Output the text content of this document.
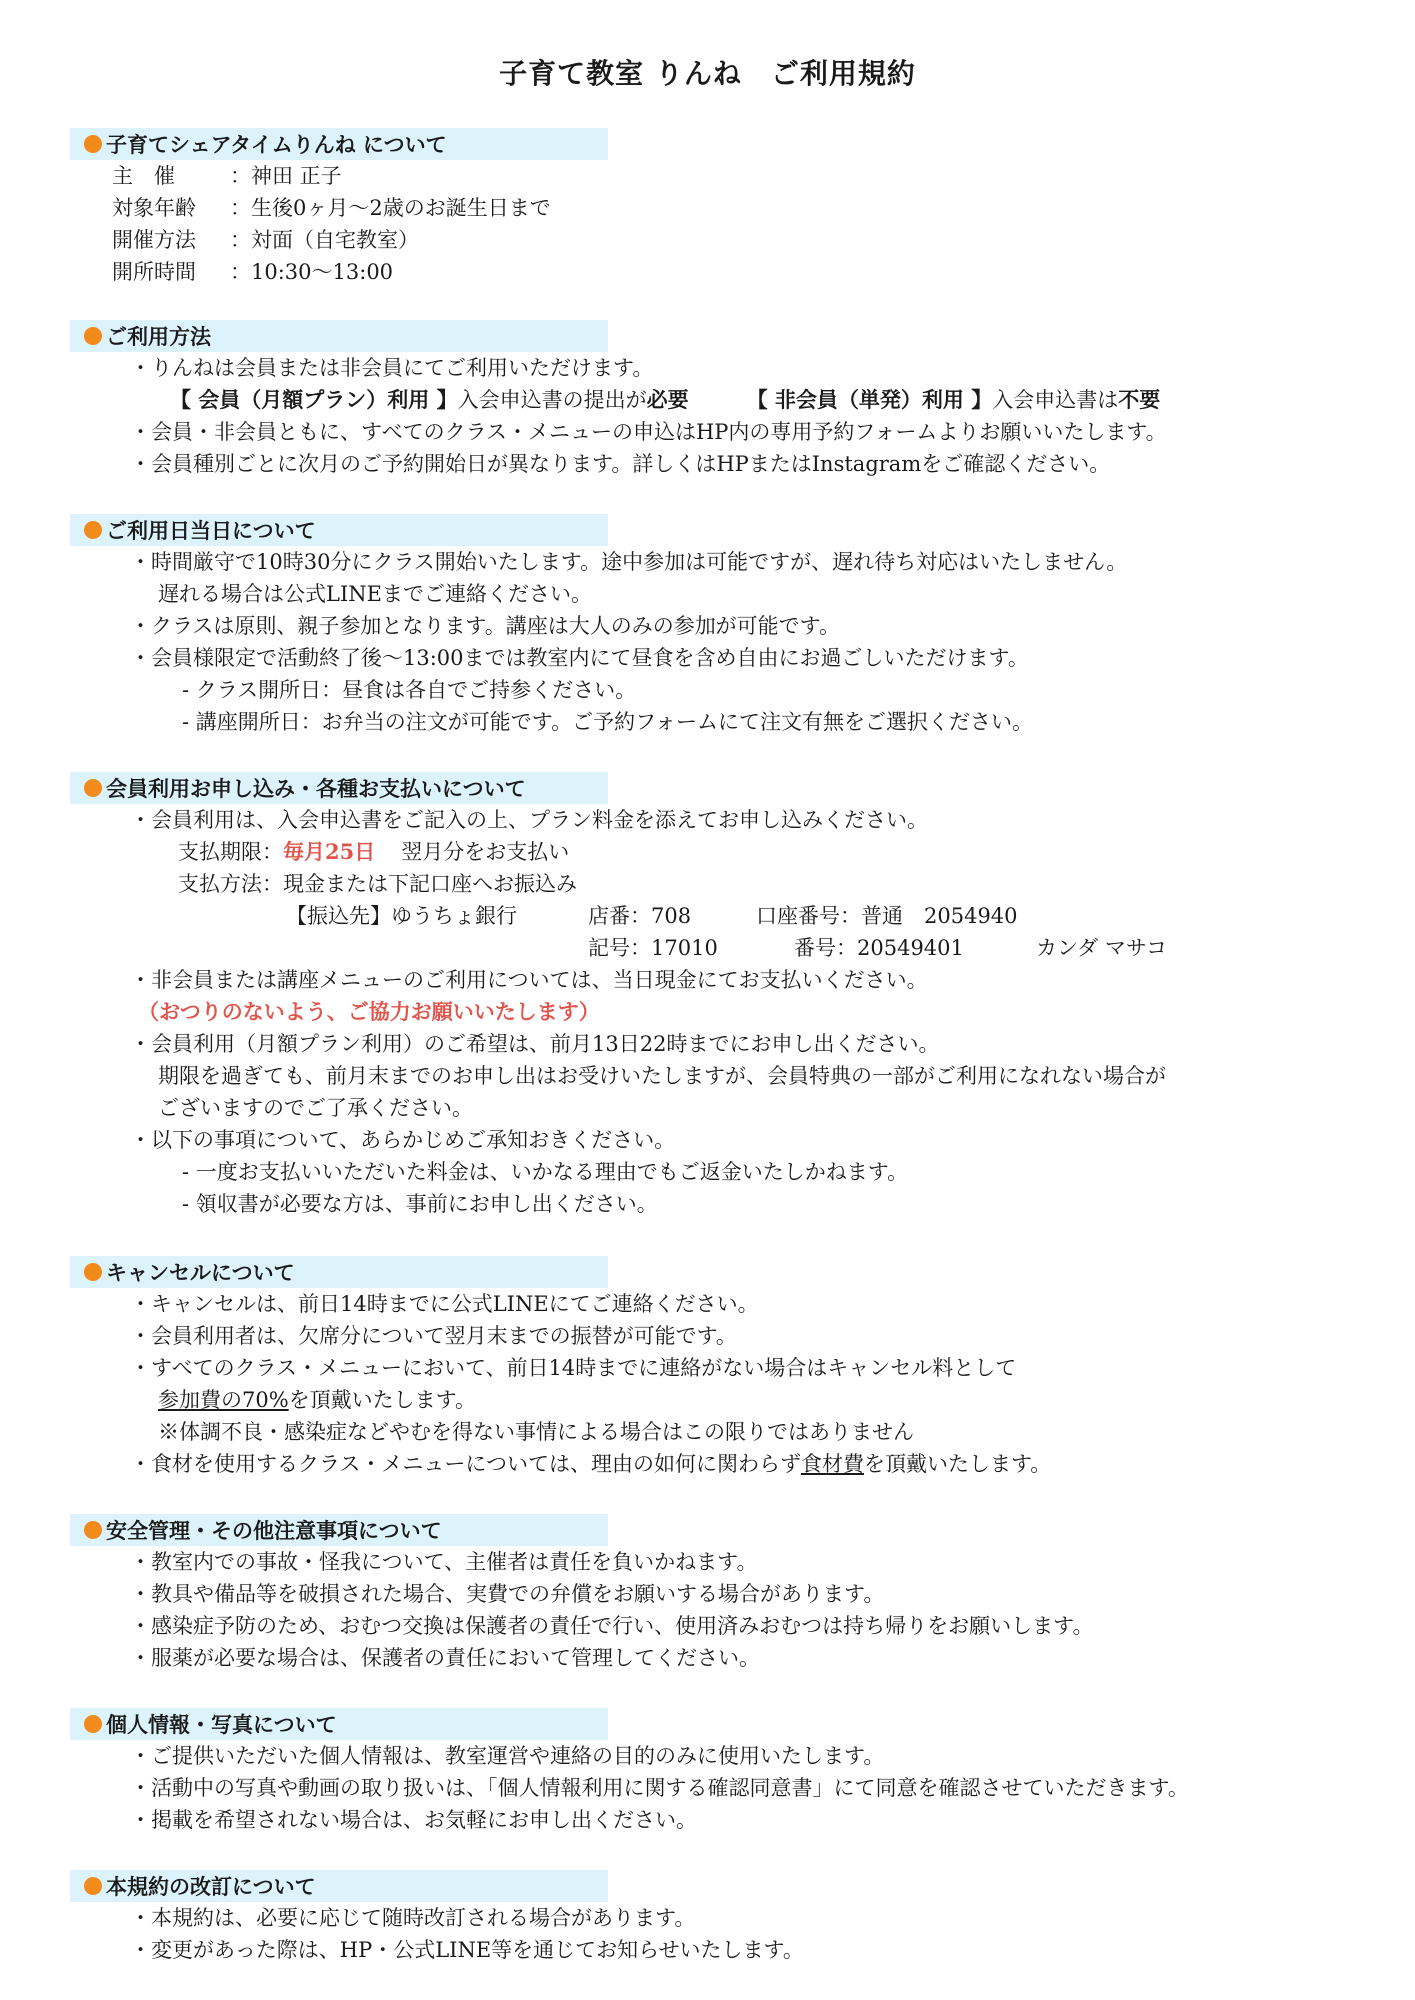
子育て教室 りんね　ご利用規約
子育てシェアタイムりんね について
主　催	：神田 正子
対象年齢	：生後0ヶ月～2歳のお誕生日まで
開催方法	：対面（自宅教室）
開所時間	：10:30～13:00
ご利用方法
・りんねは会員または非会員にてご利用いただけます。
【 会員（月額プラン）利用 】 入会申込書の提出が 必要	【 非会員（単発）利用 】 入会申込書は 不要
・会員・非会員ともに、すべてのクラス・メニューの申込はHP内の専用予約フォームよりお願いいたします。
・会員種別ごとに次月のご予約開始日が異なります。詳しくはHPまたはInstagramをご確認ください。
ご利用日当日について
・時間厳守で10時30分にクラス開始いたします。途中参加は可能ですが、遅れ待ち対応はいたしません。
遅れる場合は公式LINEまでご連絡ください。
・クラスは原則、親子参加となります。講座は大人のみの参加が可能です。
・会員様限定で活動終了後～13:00までは教室内にて昼食を含め自由にお過ごしいただけます。
- クラス開所日：昼食は各自でご持参ください。
- 講座開所日：お弁当の注文が可能です。ご予約フォームにて注文有無をご選択ください。
会員利用お申し込み・各種お支払いについて
・会員利用は、入会申込書をご記入の上、プラン料金を添えてお申し込みください。
支払期限： 毎月25日 翌月分をお支払い
支払方法：現金または下記口座へお振込み
【振込先】ゆうちょ銀行	店番：708	口座番号：普通　2054940
記号：17010	番号：20549401	カンダ マサコ
・非会員または講座メニューのご利用については、当日現金にてお支払いください。
（おつりのないよう、ご協力お願いいたします）
・会員利用（月額プラン利用）のご希望は、前月13日22時までにお申し出ください。
期限を過ぎても、前月末までのお申し出はお受けいたしますが、会員特典の一部がご利用になれない場合が
ございますのでご了承ください。
・以下の事項について、あらかじめご承知おきください。
- 一度お支払いいただいた料金は、いかなる理由でもご返金いたしかねます。
- 領収書が必要な方は、事前にお申し出ください。
キャンセルについて
・キャンセルは、前日14時までに公式LINEにてご連絡ください。
・会員利用者は、欠席分について翌月末までの振替が可能です。
・すべてのクラス・メニューにおいて、前日14時までに連絡がない場合はキャンセル料として
参加費の70%を頂戴いたします。
※体調不良・感染症などやむを得ない事情による場合はこの限りではありません
・食材を使用するクラス・メニューについては、理由の如何に関わらず食材費を頂戴いたします。
安全管理・その他注意事項について
・教室内での事故・怪我について、主催者は責任を負いかねます。
・教具や備品等を破損された場合、実費での弁償をお願いする場合があります。
・感染症予防のため、おむつ交換は保護者の責任で行い、使用済みおむつは持ち帰りをお願いします。
・服薬が必要な場合は、保護者の責任において管理してください。
個人情報・写真について
・ご提供いただいた個人情報は、教室運営や連絡の目的のみに使用いたします。
・活動中の写真や動画の取り扱いは、「個人情報利用に関する確認同意書」にて同意を確認させていただきます。
・掲載を希望されない場合は、お気軽にお申し出ください。
本規約の改訂について
・本規約は、必要に応じて随時改訂される場合があります。
・変更があった際は、HP・公式LINE等を通じてお知らせいたします。
